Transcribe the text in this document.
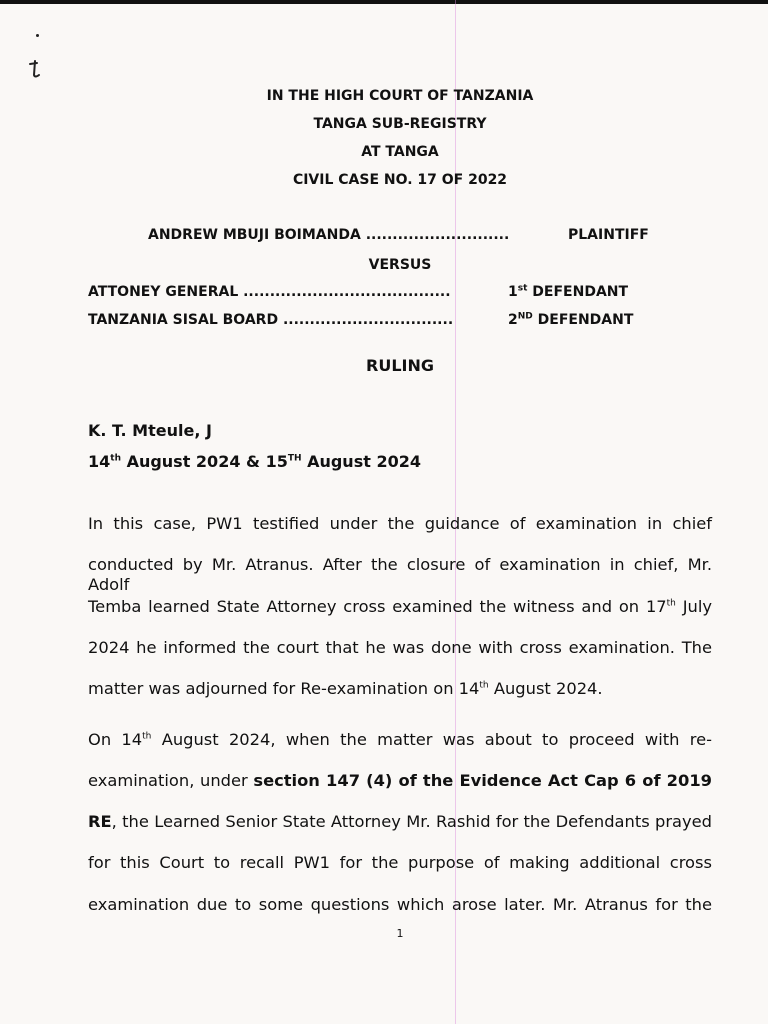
IN THE HIGH COURT OF TANZANIA
TANGA SUB-REGISTRY
AT TANGA
CIVIL CASE NO. 17 OF 2022
ANDREW MBUJI BOIMANDA ...........................	PLAINTIFF
VERSUS
ATTONEY GENERAL .......................................	1st DEFENDANT
TANZANIA SISAL BOARD ................................	2ND DEFENDANT
RULING
K. T. Mteule, J
14th August 2024 & 15TH August 2024
In this case, PW1 testified under the guidance of examination in chief
conducted by Mr. Atranus. After the closure of examination in chief, Mr. Adolf
Temba learned State Attorney cross examined the witness and on 17th July
2024 he informed the court that he was done with cross examination. The
matter was adjourned for Re-examination on 14th August 2024.
On 14th August 2024, when the matter was about to proceed with re-
examination, under section 147 (4) of the Evidence Act Cap 6 of 2019
RE, the Learned Senior State Attorney Mr. Rashid for the Defendants prayed
for this Court to recall PW1 for the purpose of making additional cross
examination due to some questions which arose later. Mr. Atranus for the
1
